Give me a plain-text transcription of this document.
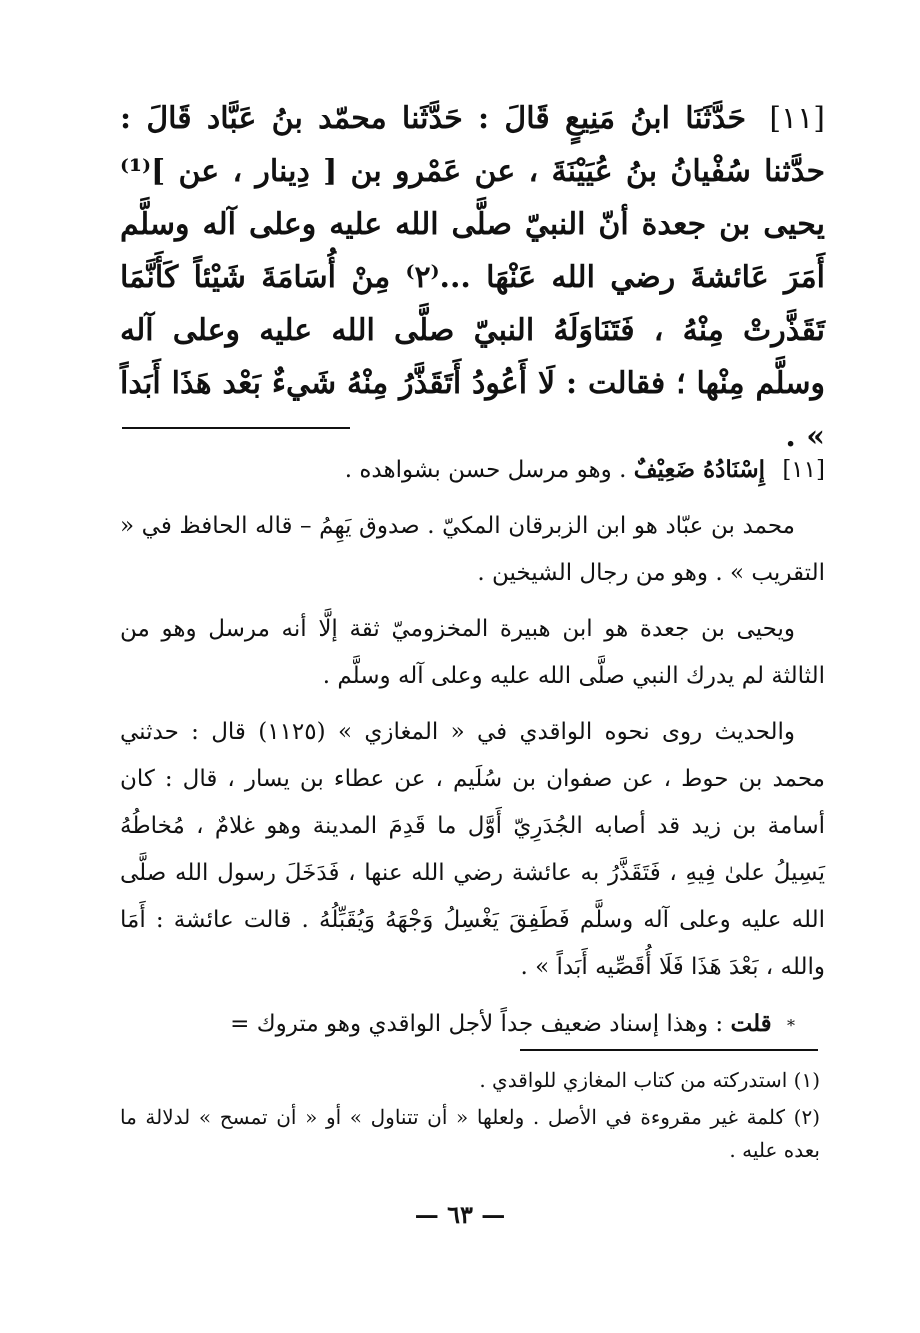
[١١] حَدَّثَنَا ابنُ مَنِيعٍ قَالَ : حَدَّثَنا محمّد بنُ عَبَّاد قَالَ : حدَّثنا سُفْيانُ بنُ عُيَيْنَةَ ، عن عَمْرو بن [ دِينار ، عن ]⁽¹⁾ يحيى بن جعدة أنّ النبيّ صلَّى الله عليه وعلى آله وسلَّم أَمَرَ عَائشةَ رضي الله عَنْهَا ...⁽٢⁾ مِنْ أُسَامَةَ شَيْئاً كَأَنَّمَا تَقَذَّرتْ مِنْهُ ، فَتَنَاوَلَهُ النبيّ صلَّى الله عليه وعلى آله وسلَّم مِنْها ؛ فقالت : لَا أَعُودُ أَتَقَذَّرُ مِنْهُ شَيءٌ بَعْد هَذَا أَبَداً » .

[١١] إِسْنَادُهُ ضَعِيْفٌ . وهو مرسل حسن بشواهده .

محمد بن عبّاد هو ابن الزبرقان المكيّ . صدوق يَهِمُ – قاله الحافظ في « التقريب » . وهو من رجال الشيخين .

ويحيى بن جعدة هو ابن هبيرة المخزوميّ ثقة إلَّا أنه مرسل وهو من الثالثة لم يدرك النبي صلَّى الله عليه وعلى آله وسلَّم .

والحديث روى نحوه الواقدي في « المغازي » (١١٢٥) قال : حدثني محمد بن حوط ، عن صفوان بن سُلَيم ، عن عطاء بن يسار ، قال : كان أسامة بن زيد قد أصابه الجُدَرِيّ أَوَّل ما قَدِمَ المدينة وهو غلامٌ ، مُخاطُهُ يَسِيلُ علىٰ فِيهِ ، فَتَقَذَّرُ به عائشة رضي الله عنها ، فَدَخَلَ رسول الله صلَّى الله عليه وعلى آله وسلَّم فَطَفِقَ يَغْسِلُ وَجْهَهُ وَيُقَبِّلُهُ . قالت عائشة : أَمَا والله ، بَعْدَ هَذَا فَلَا أُقَصِّيه أَبَداً » .

* قلت : وهذا إسناد ضعيف جداً لأجل الواقدي وهو متروك =

(١) استدركته من كتاب المغازي للواقدي .

(٢) كلمة غير مقروءة في الأصل . ولعلها « أن تتناول » أو « أن تمسح » لدلالة ما بعده عليه .

— ٦٣ —
